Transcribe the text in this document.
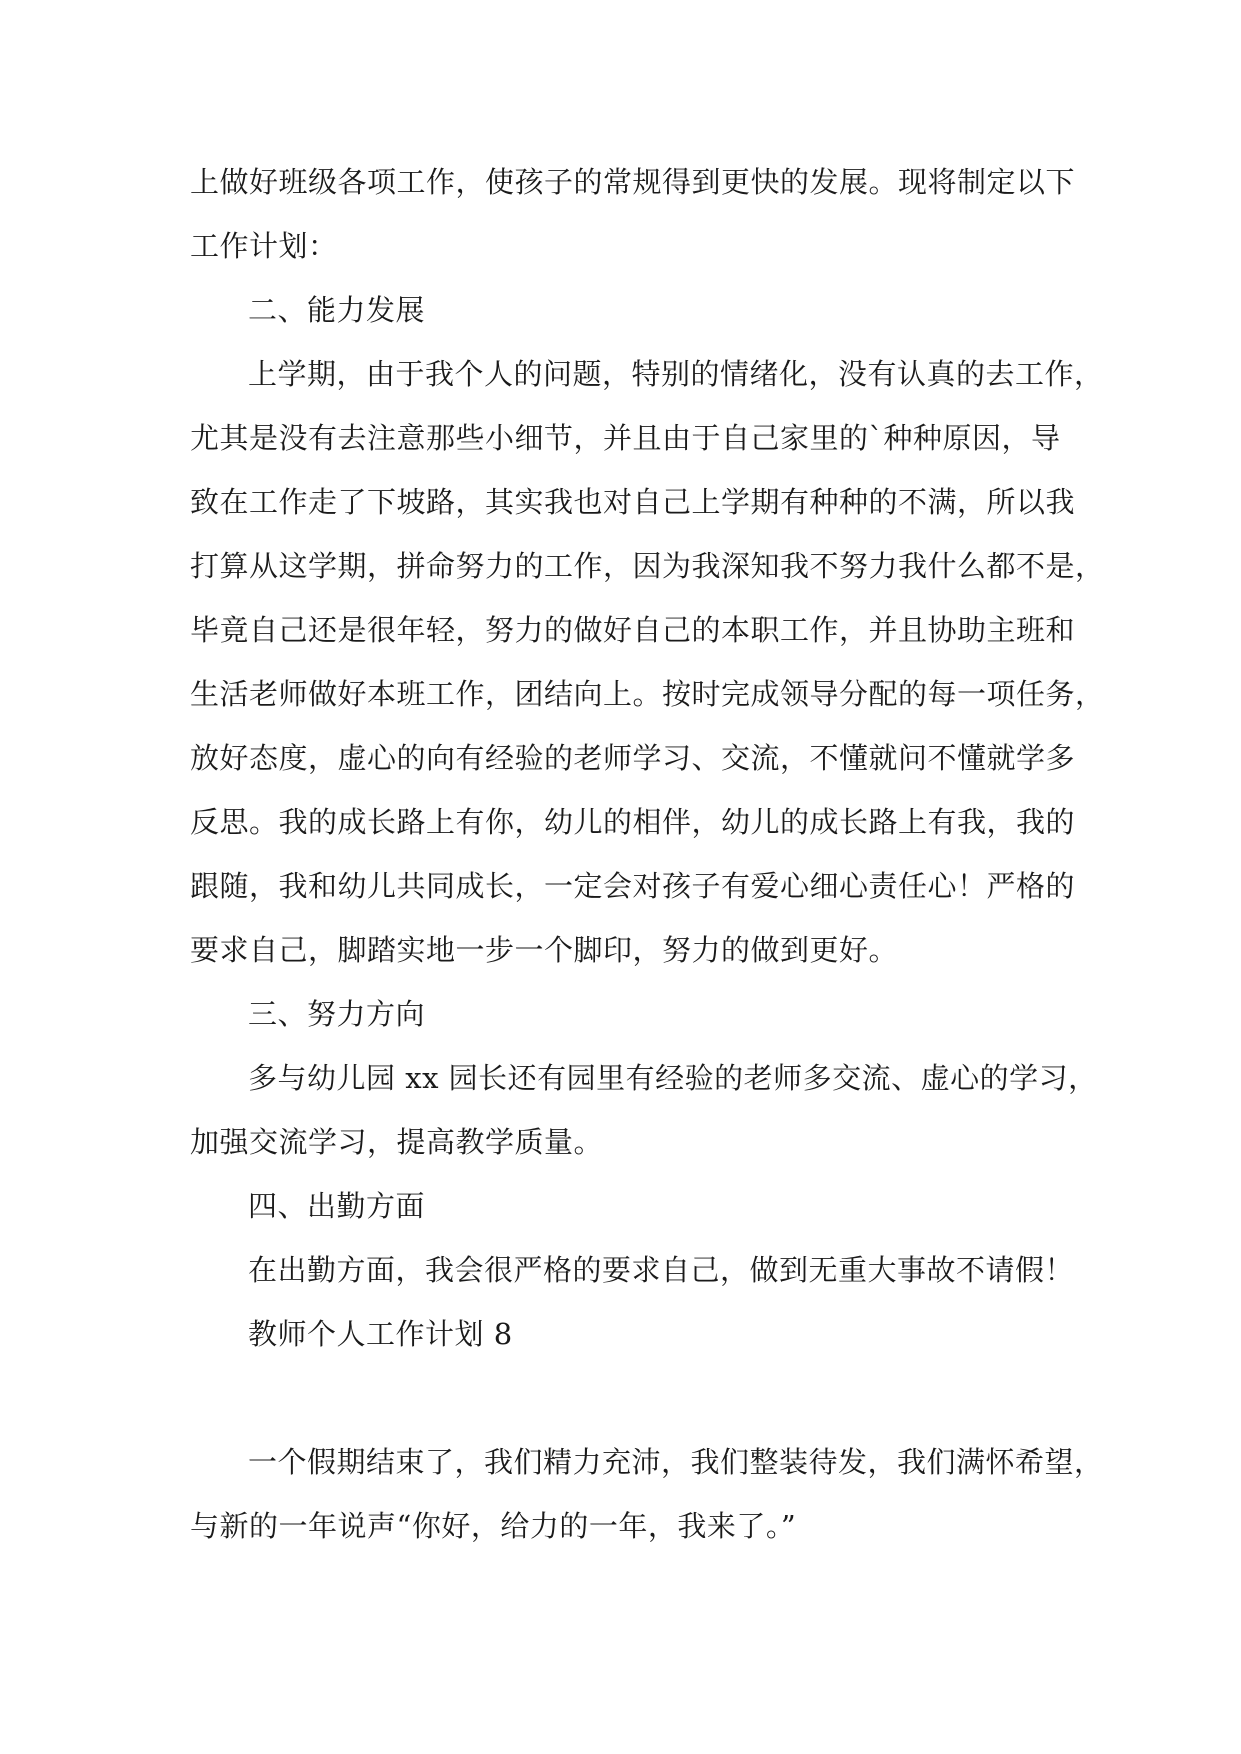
上做好班级各项工作，使孩子的常规得到更快的发展。现将制定以下
工作计划：
二、能力发展
上学期，由于我个人的问题，特别的情绪化，没有认真的去工作，
尤其是没有去注意那些小细节，并且由于自己家里的`种种原因，导
致在工作走了下坡路，其实我也对自己上学期有种种的不满，所以我
打算从这学期，拼命努力的工作，因为我深知我不努力我什么都不是，
毕竟自己还是很年轻，努力的做好自己的本职工作，并且协助主班和
生活老师做好本班工作，团结向上。按时完成领导分配的每一项任务，
放好态度，虚心的向有经验的老师学习、交流，不懂就问不懂就学多
反思。我的成长路上有你，幼儿的相伴，幼儿的成长路上有我，我的
跟随，我和幼儿共同成长，一定会对孩子有爱心细心责任心！严格的
要求自己，脚踏实地一步一个脚印，努力的做到更好。
三、努力方向
多与幼儿园 xx 园长还有园里有经验的老师多交流、虚心的学习，
加强交流学习，提高教学质量。
四、出勤方面
在出勤方面，我会很严格的要求自己，做到无重大事故不请假！
教师个人工作计划 8
一个假期结束了，我们精力充沛，我们整装待发，我们满怀希望，
与新的一年说声“你好，给力的一年，我来了。”
